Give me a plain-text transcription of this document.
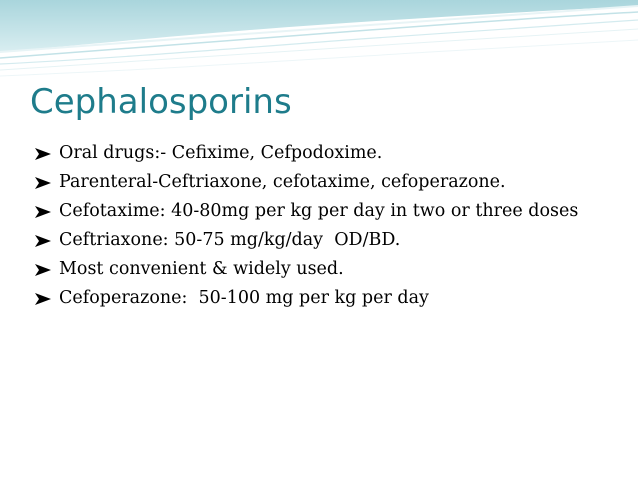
Cephalosporins
Oral drugs:- Cefixime, Cefpodoxime.
Parenteral-Ceftriaxone, cefotaxime, cefoperazone.
Cefotaxime: 40-80mg per kg per day in two or three doses
Ceftriaxone: 50-75 mg/kg/day  OD/BD.
Most convenient & widely used.
Cefoperazone:  50-100 mg per kg per day
